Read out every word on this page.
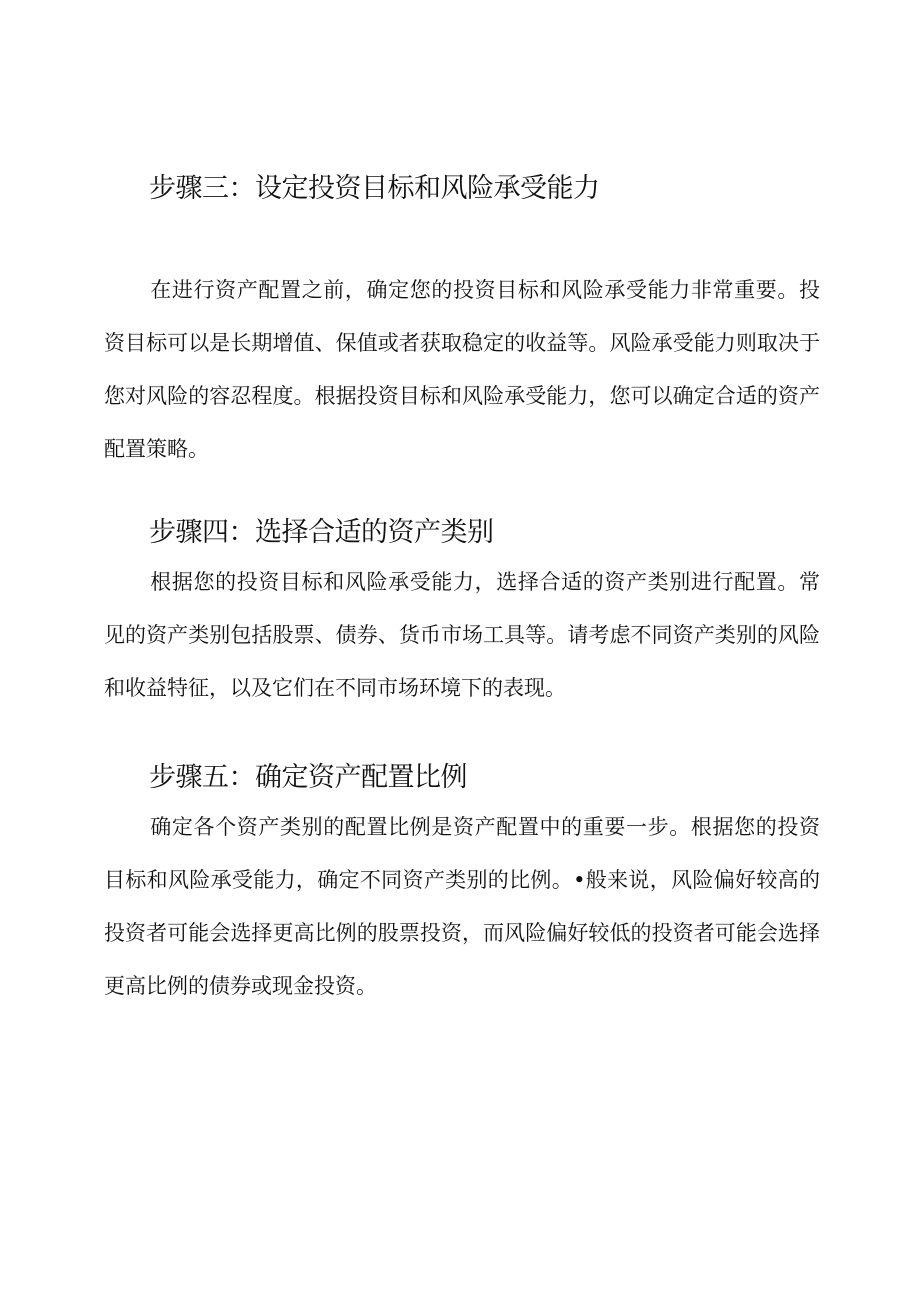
步骤三：设定投资目标和风险承受能力

在进行资产配置之前，确定您的投资目标和风险承受能力非常重要。投资目标可以是长期增值、保值或者获取稳定的收益等。风险承受能力则取决于您对风险的容忍程度。根据投资目标和风险承受能力，您可以确定合适的资产配置策略。

步骤四：选择合适的资产类别

根据您的投资目标和风险承受能力，选择合适的资产类别进行配置。常见的资产类别包括股票、债券、货币市场工具等。请考虑不同资产类别的风险和收益特征，以及它们在不同市场环境下的表现。

步骤五：确定资产配置比例

确定各个资产类别的配置比例是资产配置中的重要一步。根据您的投资目标和风险承受能力，确定不同资产类别的比例。•般来说，风险偏好较高的投资者可能会选择更高比例的股票投资，而风险偏好较低的投资者可能会选择更高比例的债券或现金投资。
